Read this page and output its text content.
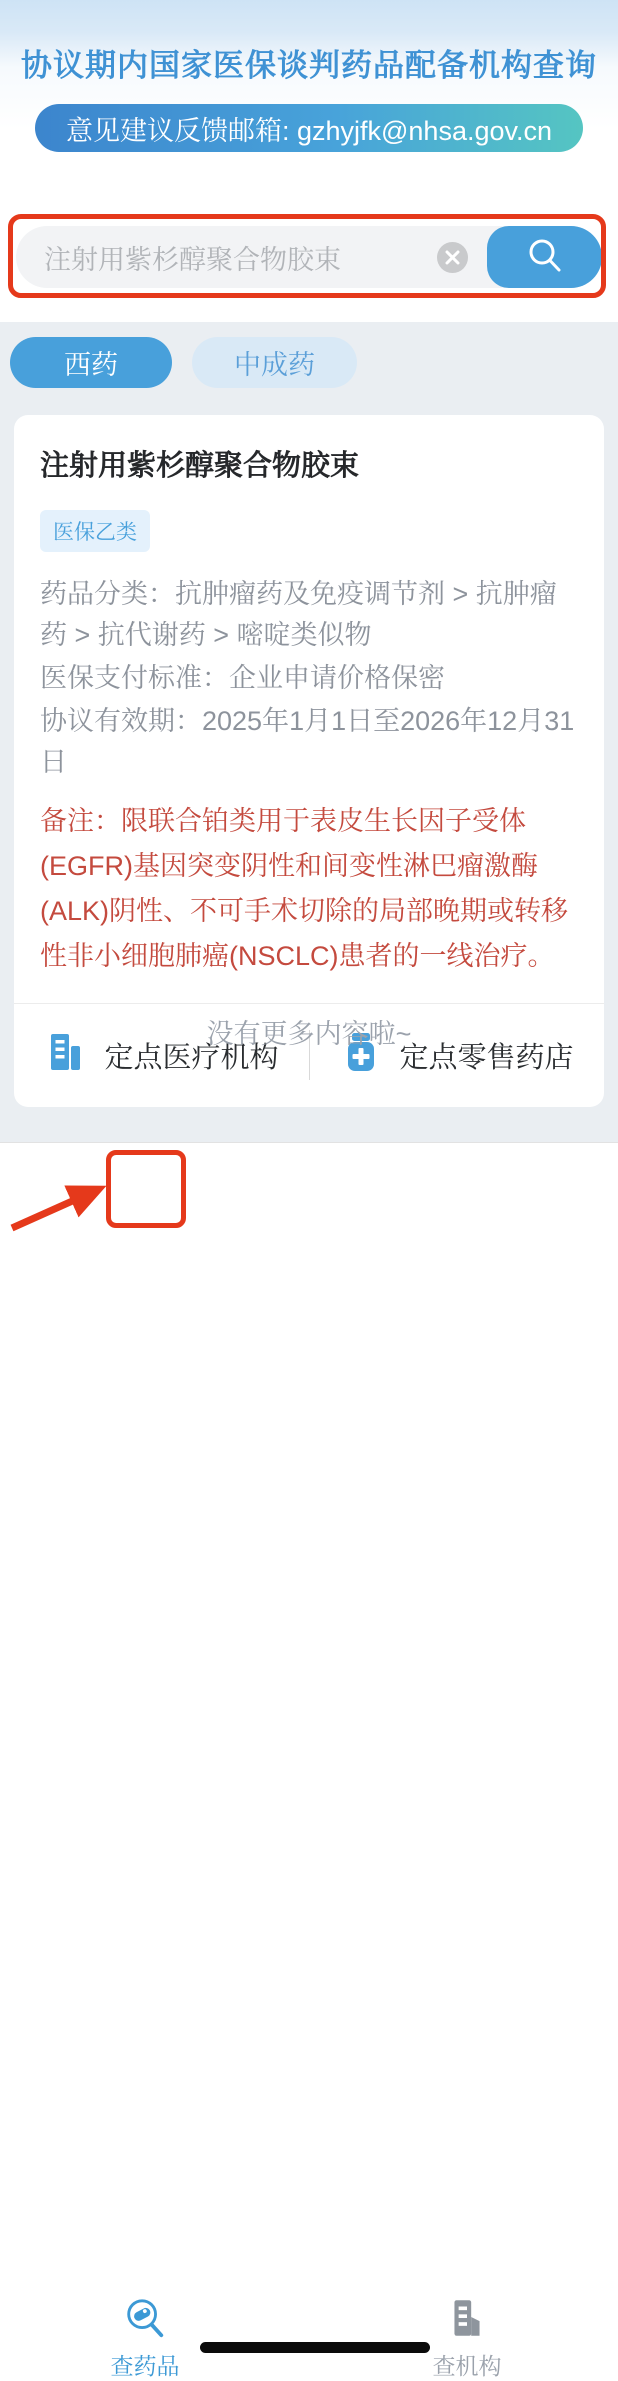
协议期内国家医保谈判药品配备机构查询
意见建议反馈邮箱: gzhyjfk@nhsa.gov.cn
注射用紫杉醇聚合物胶束
西药	中成药
注射用紫杉醇聚合物胶束
医保乙类

药品分类：抗肿瘤药及免疫调节剂 > 抗肿瘤药 > 抗代谢药 > 嘧啶类似物

医保支付标准：企业申请价格保密

协议有效期：2025年1月1日至2026年12月31日

备注：限联合铂类用于表皮生长因子受体(EGFR)基因突变阴性和间变性淋巴瘤激酶(ALK)阴性、不可手术切除的局部晚期或转移性非小细胞肺癌(NSCLC)患者的一线治疗。
定点医疗机构	定点零售药店
没有更多内容啦~
查药品	查机构
